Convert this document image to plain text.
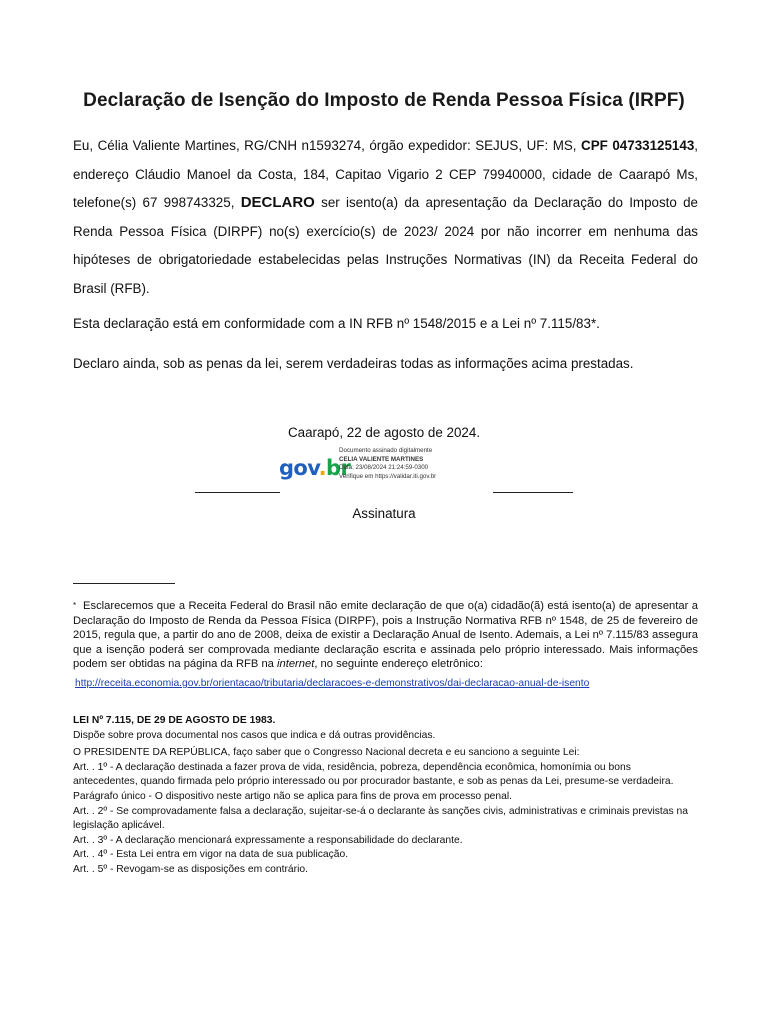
Declaração de Isenção do Imposto de Renda Pessoa Física (IRPF)

Eu, Célia Valiente Martines, RG/CNH n1593274, órgão expedidor: SEJUS, UF: MS, CPF 04733125143, endereço Cláudio Manoel da Costa, 184, Capitao Vigario 2 CEP 79940000, cidade de Caarapó Ms, telefone(s) 67 998743325, DECLARO ser isento(a) da apresentação da Declaração do Imposto de Renda Pessoa Física (DIRPF) no(s) exercício(s) de 2023/ 2024 por não incorrer em nenhuma das hipóteses de obrigatoriedade estabelecidas pelas Instruções Normativas (IN) da Receita Federal do Brasil (RFB).

Esta declaração está em conformidade com a IN RFB nº 1548/2015 e a Lei nº 7.115/83*.

Declaro ainda, sob as penas da lei, serem verdadeiras todas as informações acima prestadas.

Caarapó, 22 de agosto de 2024.
gov.br
Documento assinado digitalmente
CELIA VALIENTE MARTINES
Data: 23/08/2024 21:24:59-0300
Verifique em https://validar.iti.gov.br
Assinatura

* Esclarecemos que a Receita Federal do Brasil não emite declaração de que o(a) cidadão(ã) está isento(a) de apresentar a Declaração do Imposto de Renda da Pessoa Física (DIRPF), pois a Instrução Normativa RFB nº 1548, de 25 de fevereiro de 2015, regula que, a partir do ano de 2008, deixa de existir a Declaração Anual de Isento. Ademais, a Lei nº 7.115/83 assegura que a isenção poderá ser comprovada mediante declaração escrita e assinada pelo próprio interessado. Mais informações podem ser obtidas na página da RFB na internet, no seguinte endereço eletrônico:

http://receita.economia.gov.br/orientacao/tributaria/declaracoes-e-demonstrativos/dai-declaracao-anual-de-isento
LEI Nº 7.115, DE 29 DE AGOSTO DE 1983.
Dispõe sobre prova documental nos casos que indica e dá outras providências.
O PRESIDENTE DA REPÚBLICA, faço saber que o Congresso Nacional decreta e eu sanciono a seguinte Lei:
Art. . 1º - A declaração destinada a fazer prova de vida, residência, pobreza, dependência econômica, homonímia ou bons antecedentes, quando firmada pelo próprio interessado ou por procurador bastante, e sob as penas da Lei, presume-se verdadeira.
Parágrafo único - O dispositivo neste artigo não se aplica para fins de prova em processo penal.
Art. . 2º - Se comprovadamente falsa a declaração, sujeitar-se-á o declarante às sanções civis, administrativas e criminais previstas na legislação aplicável.
Art. . 3º - A declaração mencionará expressamente a responsabilidade do declarante.
Art. . 4º - Esta Lei entra em vigor na data de sua publicação.
Art. . 5º - Revogam-se as disposições em contrário.
